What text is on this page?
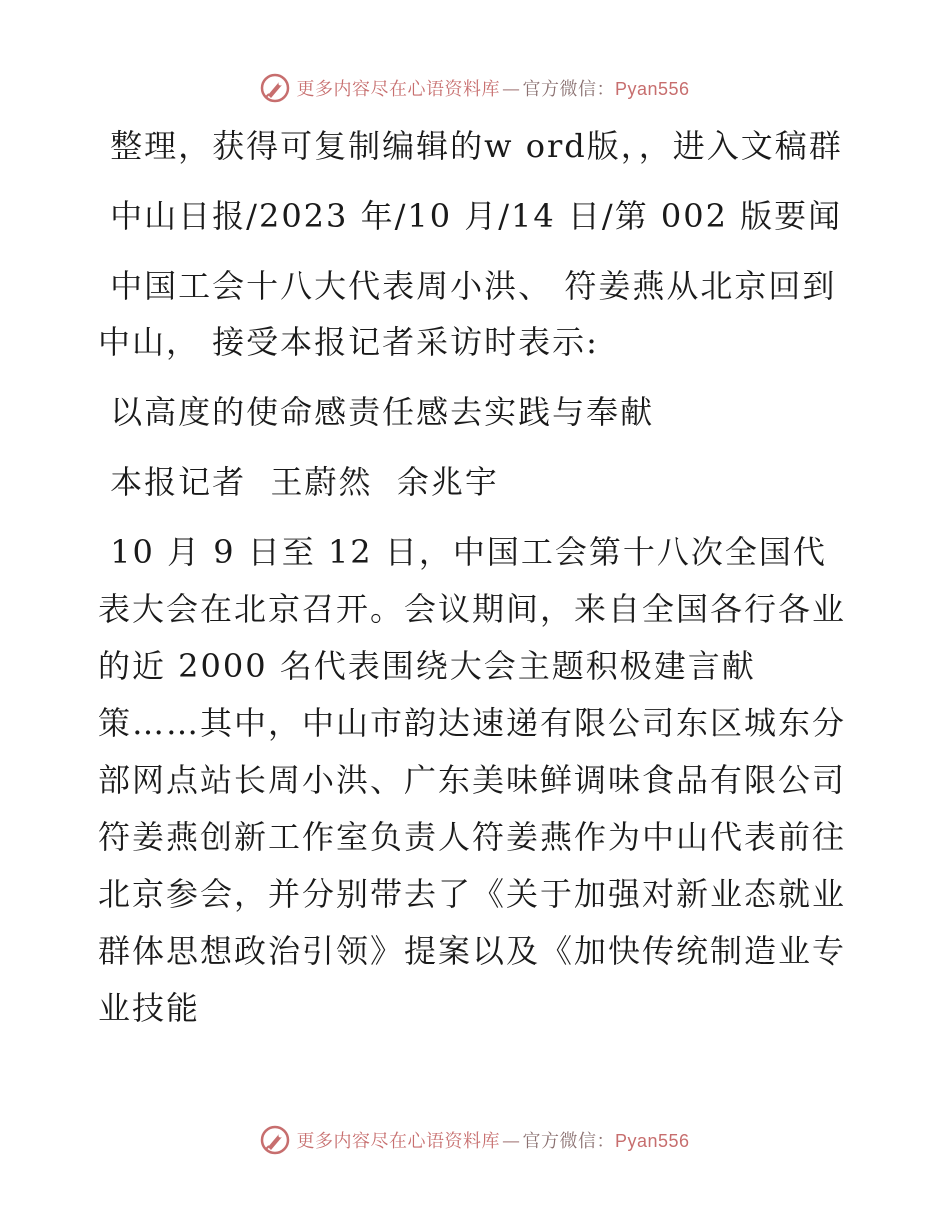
更多内容尽在心语资料库 — 官方微信：Pyan556

整理，获得可复制编辑的w ord版，，进入文稿群

中山日报/2023 年/10 月/14 日/第 002 版要闻

中国工会十八大代表周小洪、 符姜燕从北京回到中山， 接受本报记者采访时表示:

以高度的使命感责任感去实践与奉献

本报记者  王蔚然  余兆宇

10 月 9 日至 12 日，中国工会第十八次全国代表大会在北京召开。会议期间，来自全国各行各业的近 2000 名代表围绕大会主题积极建言献策……其中，中山市韵达速递有限公司东区城东分部网点站长周小洪、广东美味鲜调味食品有限公司符姜燕创新工作室负责人符姜燕作为中山代表前往北京参会，并分别带去了《关于加强对新业态就业群体思想政治引领》提案以及《加快传统制造业专业技能

更多内容尽在心语资料库 — 官方微信：Pyan556
